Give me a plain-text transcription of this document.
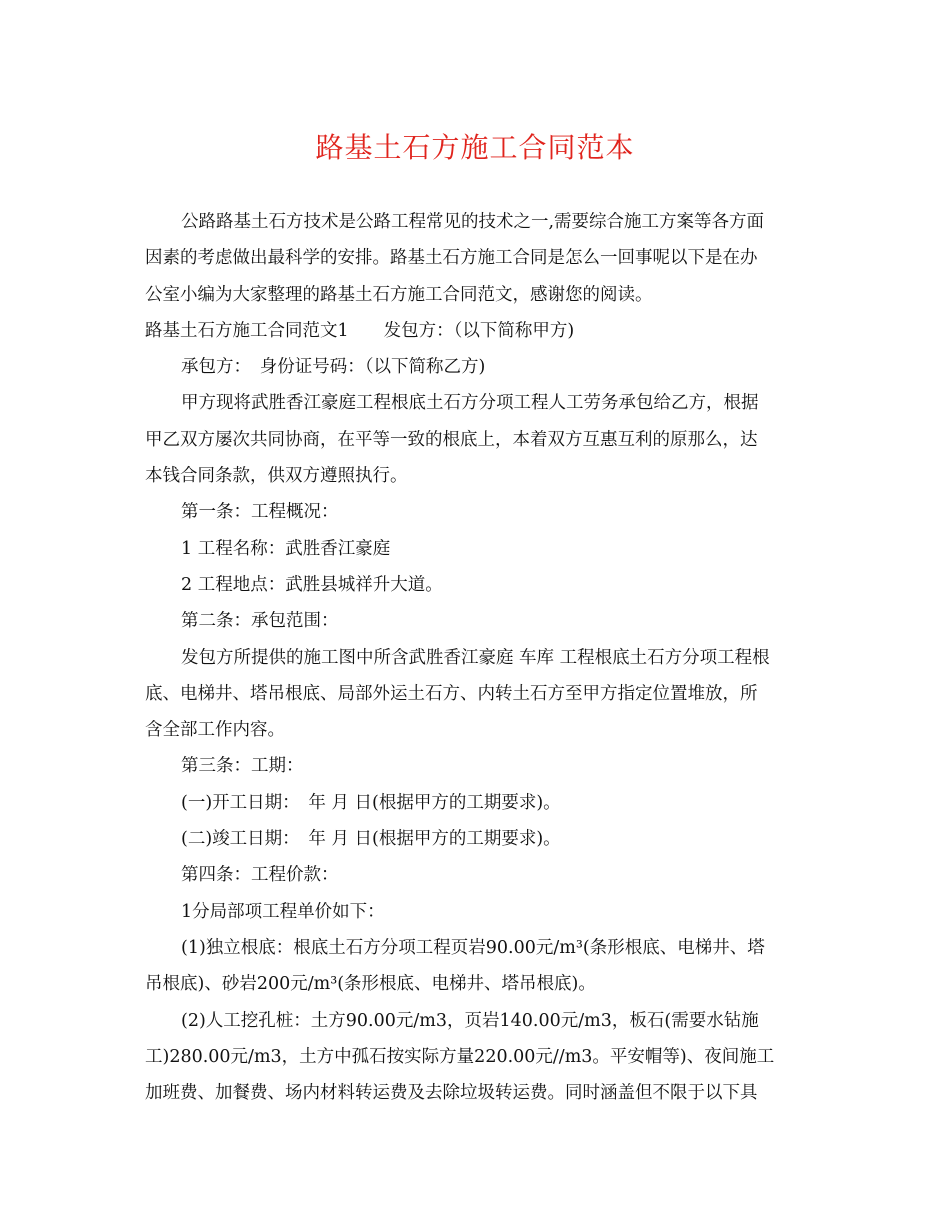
路基土石方施工合同范本

公路路基土石方技术是公路工程常见的技术之一,需要综合施工方案等各方面

因素的考虑做出最科学的安排。路基土石方施工合同是怎么一回事呢以下是在办

公室小编为大家整理的路基土石方施工合同范文，感谢您的阅读。

路基土石方施工合同范文1　　发包方：（以下简称甲方)

承包方：　身份证号码：（以下简称乙方)

甲方现将武胜香江豪庭工程根底土石方分项工程人工劳务承包给乙方，根据

甲乙双方屡次共同协商，在平等一致的根底上，本着双方互惠互利的原那么，达

本钱合同条款，供双方遵照执行。

第一条：工程概况：

1 工程名称：武胜香江豪庭

2 工程地点：武胜县城祥升大道。

第二条：承包范围：

发包方所提供的施工图中所含武胜香江豪庭 车库 工程根底土石方分项工程根

底、电梯井、塔吊根底、局部外运土石方、内转土石方至甲方指定位置堆放，所

含全部工作内容。

第三条：工期：

(一)开工日期：　年 月 日(根据甲方的工期要求)。

(二)竣工日期：　年 月 日(根据甲方的工期要求)。

第四条：工程价款：

1分局部项工程单价如下：

(1)独立根底：根底土石方分项工程页岩90.00元/m³(条形根底、电梯井、塔

吊根底)、砂岩200元/m³(条形根底、电梯井、塔吊根底)。

(2)人工挖孔桩：土方90.00元/m3，页岩140.00元/m3，板石(需要水钻施

工)280.00元/m3，土方中孤石按实际方量220.00元//m3。平安帽等)、夜间施工

加班费、加餐费、场内材料转运费及去除垃圾转运费。同时涵盖但不限于以下具
